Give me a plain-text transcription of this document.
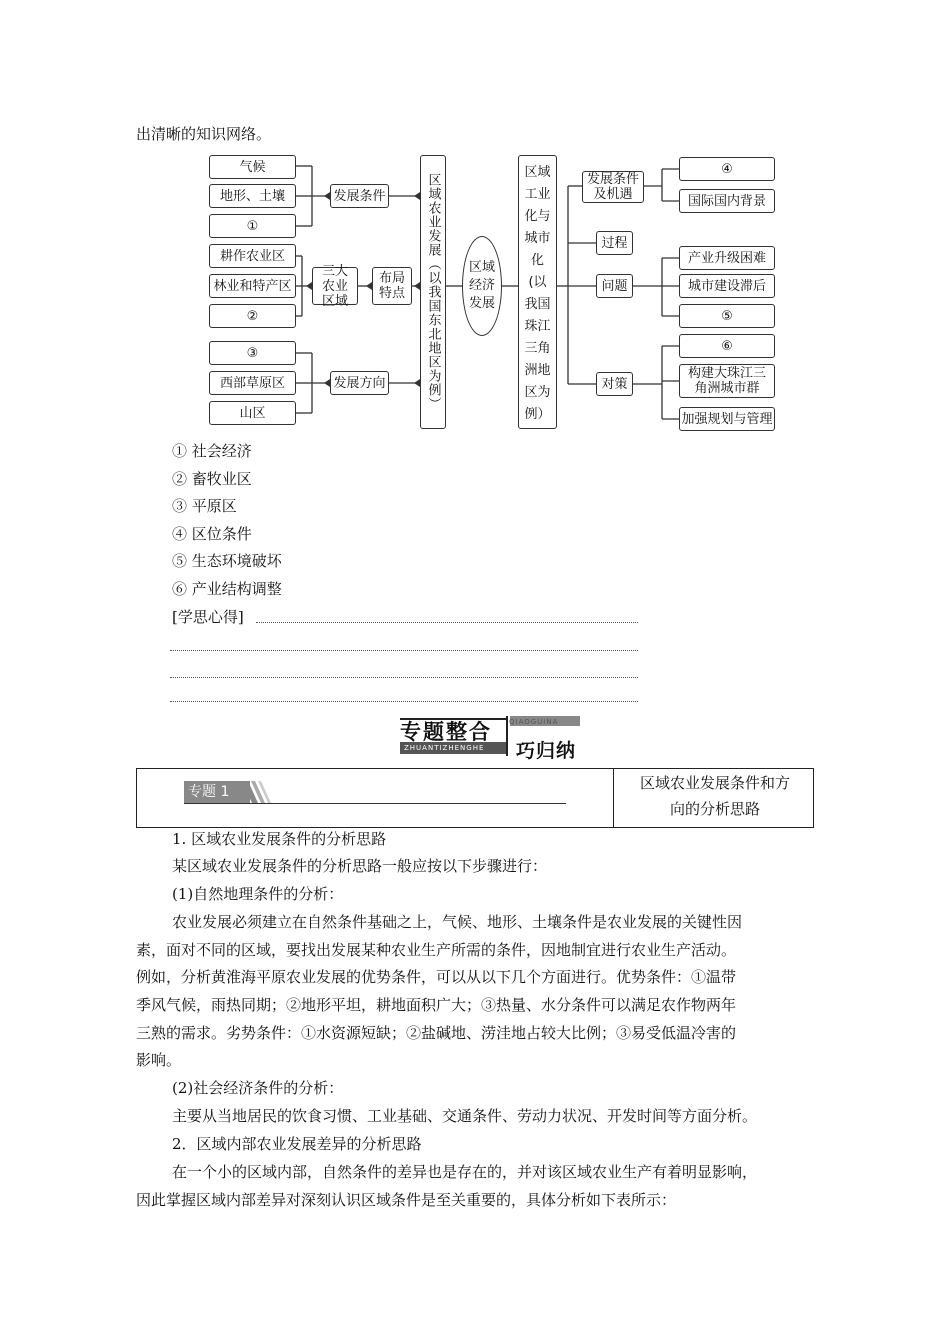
出清晰的知识网络。
气候
地形、土壤
①
耕作农业区
林业和特产区
②
③
西部草原区
山区
发展条件
三大农业区域
布局特点
发展方向	区域农业发展（以我国东北地区为例）	区域经济发展
区域工业化与城市化(以我国珠江三角洲地区为例）
发展条件及机遇
过程
问题
对策
④
国际国内背景
产业升级困难
城市建设滞后
⑤
⑥
构建大珠江三角洲城市群
加强规划与管理
① 社会经济
② 畜牧业区
③ 平原区
④ 区位条件
⑤ 生态环境破坏
⑥ 产业结构调整
[学思心得]
专题整合
巧归纳
QIAOGUINA
ZHUANTIZHENGHE
专题 1	区域农业发展条件和方
向的分析思路
1. 区域农业发展条件的分析思路
某区域农业发展条件的分析思路一般应按以下步骤进行：
(1)自然地理条件的分析：
农业发展必须建立在自然条件基础之上，气候、地形、土壤条件是农业发展的关键性因
素，面对不同的区域，要找出发展某种农业生产所需的条件，因地制宜进行农业生产活动。
例如，分析黄淮海平原农业发展的优势条件，可以从以下几个方面进行。优势条件：①温带
季风气候，雨热同期；②地形平坦，耕地面积广大；③热量、水分条件可以满足农作物两年
三熟的需求。劣势条件：①水资源短缺；②盐碱地、涝洼地占较大比例；③易受低温冷害的
影响。
(2)社会经济条件的分析：
主要从当地居民的饮食习惯、工业基础、交通条件、劳动力状况、开发时间等方面分析。
2．区域内部农业发展差异的分析思路
在一个小的区域内部，自然条件的差异也是存在的，并对该区域农业生产有着明显影响，
因此掌握区域内部差异对深刻认识区域条件是至关重要的，具体分析如下表所示：
